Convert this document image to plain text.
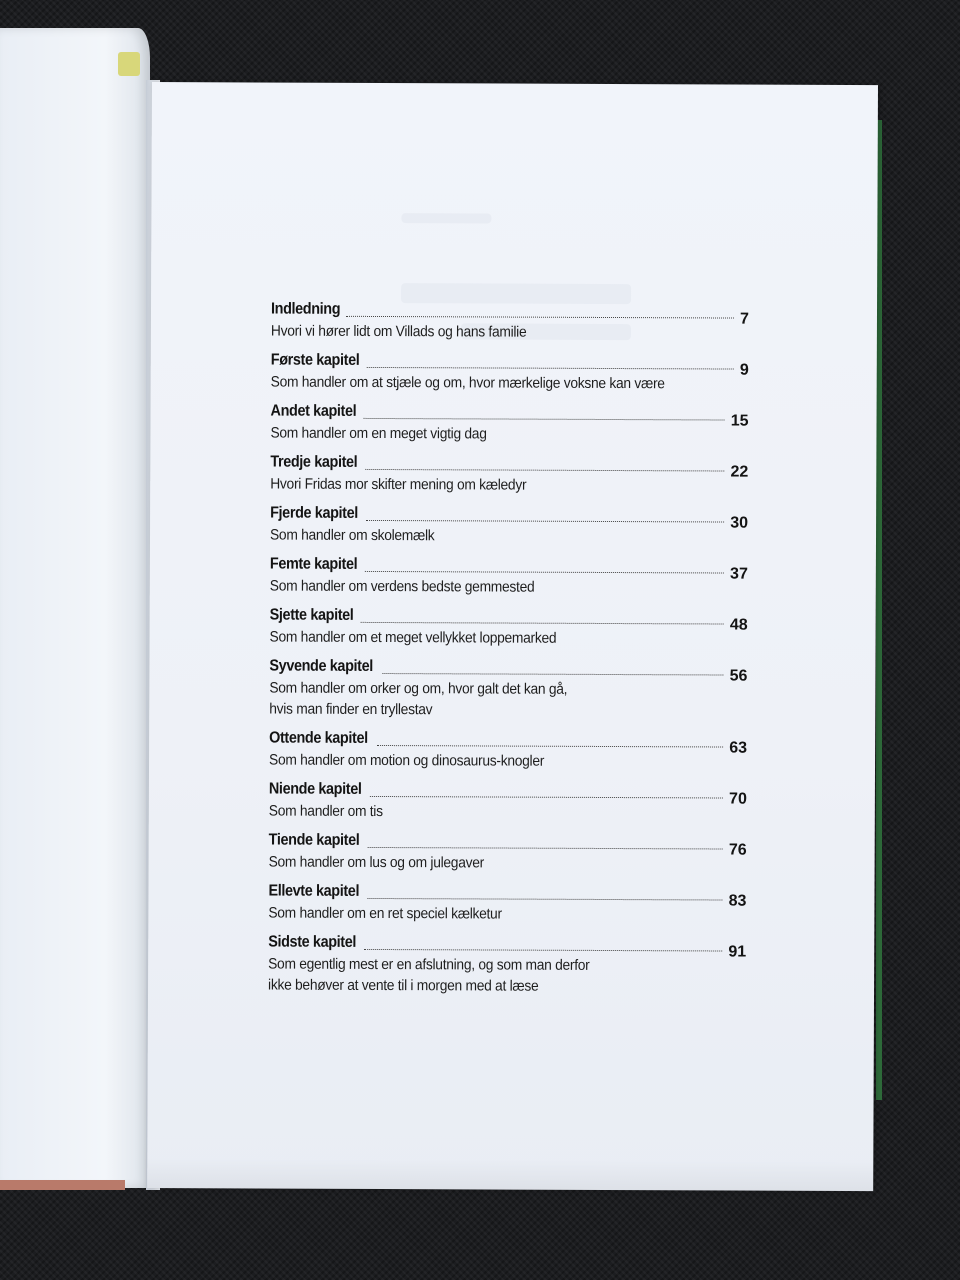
Indledning
7
Hvori vi hører lidt om Villads og hans familie
Første kapitel
9
Som handler om at stjæle og om, hvor mærkelige voksne kan være
Andet kapitel
15
Som handler om en meget vigtig dag
Tredje kapitel
22
Hvori Fridas mor skifter mening om kæledyr
Fjerde kapitel
30
Som handler om skolemælk
Femte kapitel
37
Som handler om verdens bedste gemmested
Sjette kapitel
48
Som handler om et meget vellykket loppemarked
Syvende kapitel
56
Som handler om orker og om, hvor galt det kan gå,
hvis man finder en tryllestav
Ottende kapitel
63
Som handler om motion og dinosaurus-knogler
Niende kapitel
70
Som handler om tis
Tiende kapitel
76
Som handler om lus og om julegaver
Ellevte kapitel
83
Som handler om en ret speciel kælketur
Sidste kapitel
91
Som egentlig mest er en afslutning, og som man derfor
ikke behøver at vente til i morgen med at læse
